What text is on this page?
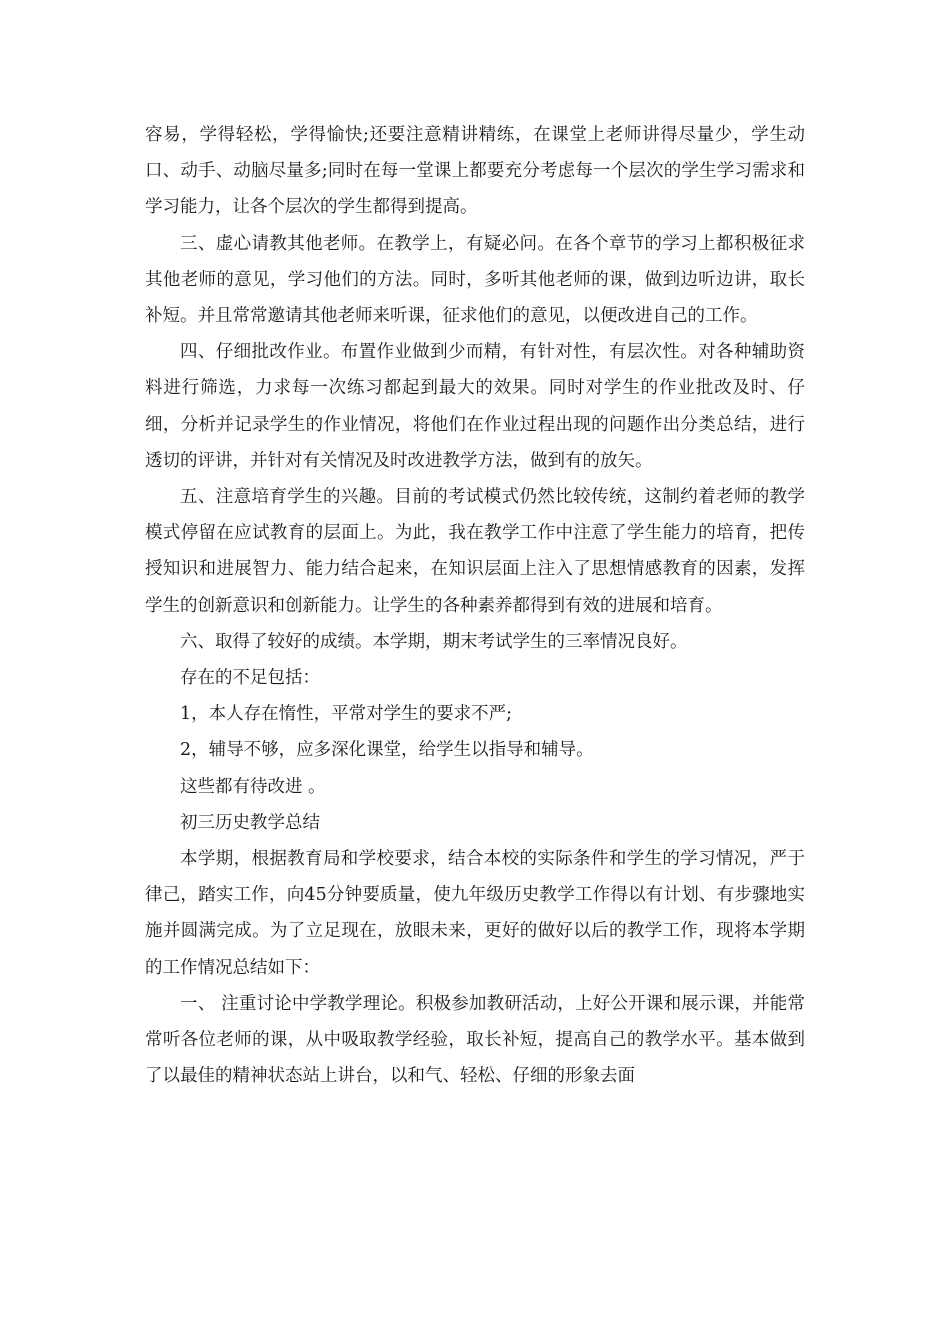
容易，学得轻松，学得愉快;还要注意精讲精练，在课堂上老师讲得尽量少，学生动口、动手、动脑尽量多;同时在每一堂课上都要充分考虑每一个层次的学生学习需求和学习能力，让各个层次的学生都得到提高。

三、虚心请教其他老师。在教学上，有疑必问。在各个章节的学习上都积极征求其他老师的意见，学习他们的方法。同时，多听其他老师的课，做到边听边讲，取长补短。并且常常邀请其他老师来听课，征求他们的意见，以便改进自己的工作。

四、仔细批改作业。布置作业做到少而精，有针对性，有层次性。对各种辅助资料进行筛选，力求每一次练习都起到最大的效果。同时对学生的作业批改及时、仔细，分析并记录学生的作业情况，将他们在作业过程出现的问题作出分类总结，进行透切的评讲，并针对有关情况及时改进教学方法，做到有的放矢。

五、注意培育学生的兴趣。目前的考试模式仍然比较传统，这制约着老师的教学模式停留在应试教育的层面上。为此，我在教学工作中注意了学生能力的培育，把传授知识和进展智力、能力结合起来，在知识层面上注入了思想情感教育的因素，发挥学生的创新意识和创新能力。让学生的各种素养都得到有效的进展和培育。

六、取得了较好的成绩。本学期，期末考试学生的三率情况良好。

存在的不足包括：

1，本人存在惰性，平常对学生的要求不严;

2，辅导不够，应多深化课堂，给学生以指导和辅导。

这些都有待改进 。

初三历史教学总结

本学期，根据教育局和学校要求，结合本校的实际条件和学生的学习情况，严于律己，踏实工作，向45分钟要质量，使九年级历史教学工作得以有计划、有步骤地实施并圆满完成。为了立足现在，放眼未来，更好的做好以后的教学工作，现将本学期的工作情况总结如下：

一、 注重讨论中学教学理论。积极参加教研活动，上好公开课和展示课，并能常常听各位老师的课，从中吸取教学经验，取长补短，提高自己的教学水平。基本做到了以最佳的精神状态站上讲台，以和气、轻松、仔细的形象去面
